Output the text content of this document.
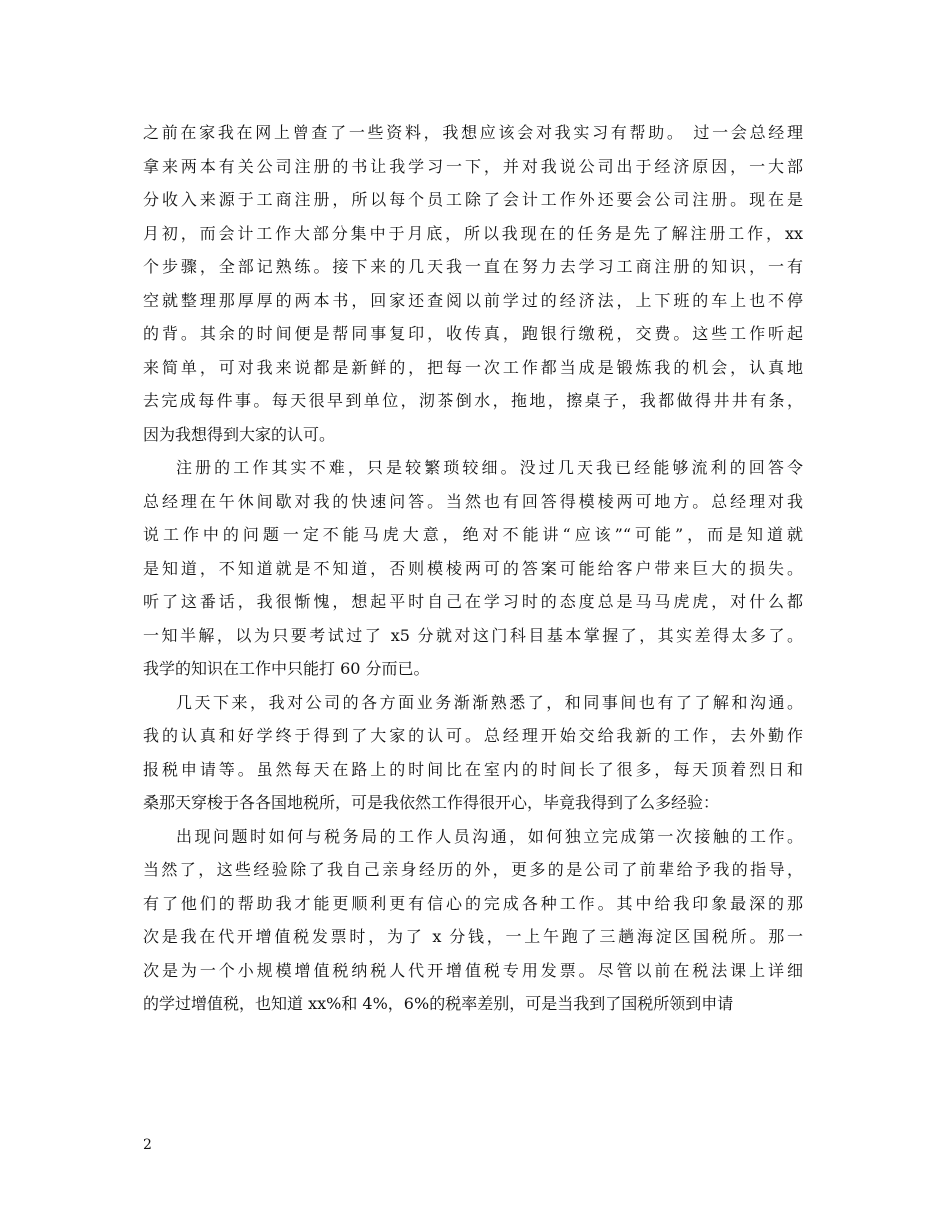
之前在家我在网上曾查了一些资料，我想应该会对我实习有帮助。 过一会总经理
拿来两本有关公司注册的书让我学习一下，并对我说公司出于经济原因，一大部
分收入来源于工商注册，所以每个员工除了会计工作外还要会公司注册。现在是
月初，而会计工作大部分集中于月底，所以我现在的任务是先了解注册工作，xx
个步骤，全部记熟练。接下来的几天我一直在努力去学习工商注册的知识，一有
空就整理那厚厚的两本书，回家还查阅以前学过的经济法，上下班的车上也不停
的背。其余的时间便是帮同事复印，收传真，跑银行缴税，交费。这些工作听起
来简单，可对我来说都是新鲜的，把每一次工作都当成是锻炼我的机会，认真地
去完成每件事。每天很早到单位，沏茶倒水，拖地，擦桌子，我都做得井井有条，
因为我想得到大家的认可。
注册的工作其实不难，只是较繁琐较细。没过几天我已经能够流利的回答令
总经理在午休间歇对我的快速问答。当然也有回答得模棱两可地方。总经理对我
说工作中的问题一定不能马虎大意，绝对不能讲“应该”“可能”，而是知道就
是知道，不知道就是不知道，否则模棱两可的答案可能给客户带来巨大的损失。
听了这番话，我很惭愧，想起平时自己在学习时的态度总是马马虎虎，对什么都
一知半解，以为只要考试过了 x5 分就对这门科目基本掌握了，其实差得太多了。
我学的知识在工作中只能打 60 分而已。
几天下来，我对公司的各方面业务渐渐熟悉了，和同事间也有了了解和沟通。
我的认真和好学终于得到了大家的认可。总经理开始交给我新的工作，去外勤作
报税申请等。虽然每天在路上的时间比在室内的时间长了很多，每天顶着烈日和
桑那天穿梭于各各国地税所，可是我依然工作得很开心，毕竟我得到了么多经验：
出现问题时如何与税务局的工作人员沟通，如何独立完成第一次接触的工作。
当然了，这些经验除了我自己亲身经历的外，更多的是公司了前辈给予我的指导，
有了他们的帮助我才能更顺利更有信心的完成各种工作。其中给我印象最深的那
次是我在代开增值税发票时，为了 x 分钱，一上午跑了三趟海淀区国税所。那一
次是为一个小规模增值税纳税人代开增值税专用发票。尽管以前在税法课上详细
的学过增值税，也知道 xx%和 4%，6%的税率差别，可是当我到了国税所领到申请
2
